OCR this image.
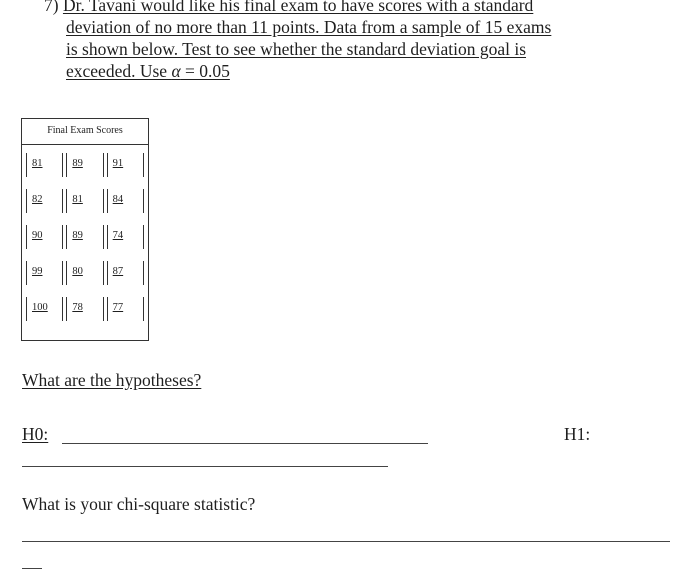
7) Dr. Tavani would like his final exam to have scores with a standard
deviation of no more than 11 points. Data from a sample of 15 exams
is shown below. Test to see whether the standard deviation goal is
exceeded. Use α = 0.05
Final Exam Scores
81	89	91
82	81	84
90	89	74
99	80	87
100	78	77
What are the hypotheses?
H0:	H1:
What is your chi-square statistic?
